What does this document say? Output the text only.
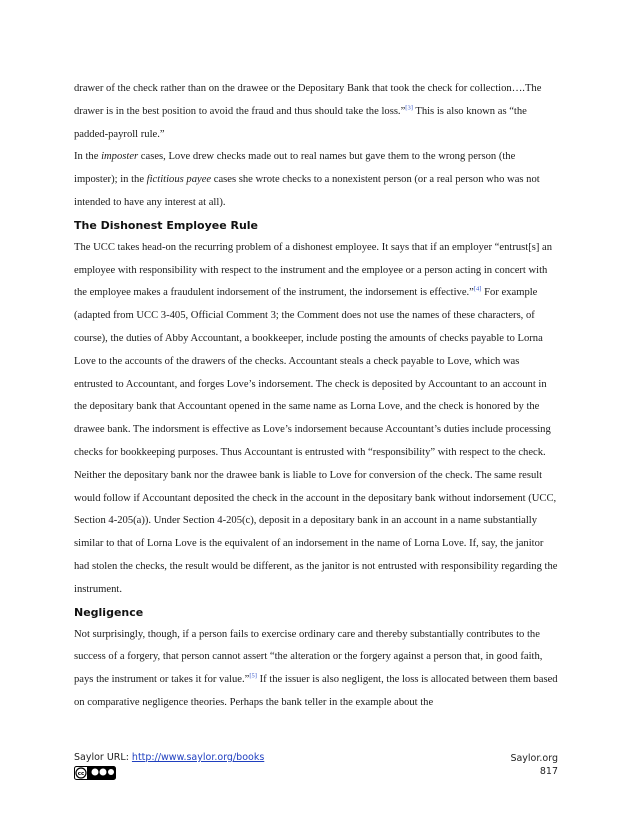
drawer of the check rather than on the drawee or the Depositary Bank that took the check for collection….The drawer is in the best position to avoid the fraud and thus should take the loss.”[3] This is also known as “the padded-payroll rule.”

In the imposter cases, Love drew checks made out to real names but gave them to the wrong person (the imposter); in the fictitious payee cases she wrote checks to a nonexistent person (or a real person who was not intended to have any interest at all).

The Dishonest Employee Rule

The UCC takes head-on the recurring problem of a dishonest employee. It says that if an employer “entrust[s] an employee with responsibility with respect to the instrument and the employee or a person acting in concert with the employee makes a fraudulent indorsement of the instrument, the indorsement is effective.”[4] For example (adapted from UCC 3-405, Official Comment 3; the Comment does not use the names of these characters, of course), the duties of Abby Accountant, a bookkeeper, include posting the amounts of checks payable to Lorna Love to the accounts of the drawers of the checks. Accountant steals a check payable to Love, which was entrusted to Accountant, and forges Love’s indorsement. The check is deposited by Accountant to an account in the depositary bank that Accountant opened in the same name as Lorna Love, and the check is honored by the drawee bank. The indorsment is effective as Love’s indorsement because Accountant’s duties include processing checks for bookkeeping purposes. Thus Accountant is entrusted with “responsibility” with respect to the check. Neither the depositary bank nor the drawee bank is liable to Love for conversion of the check. The same result would follow if Accountant deposited the check in the account in the depositary bank without indorsement (UCC, Section 4-205(a)). Under Section 4-205(c), deposit in a depositary bank in an account in a name substantially similar to that of Lorna Love is the equivalent of an indorsement in the name of Lorna Love. If, say, the janitor had stolen the checks, the result would be different, as the janitor is not entrusted with responsibility regarding the instrument.

Negligence

Not surprisingly, though, if a person fails to exercise ordinary care and thereby substantially contributes to the success of a forgery, that person cannot assert “the alteration or the forgery against a person that, in good faith, pays the instrument or takes it for value.”[5] If the issuer is also negligent, the loss is allocated between them based on comparative negligence theories. Perhaps the bank teller in the example about the

Saylor URL: http://www.saylor.org/books
cc
Saylor.org
817
